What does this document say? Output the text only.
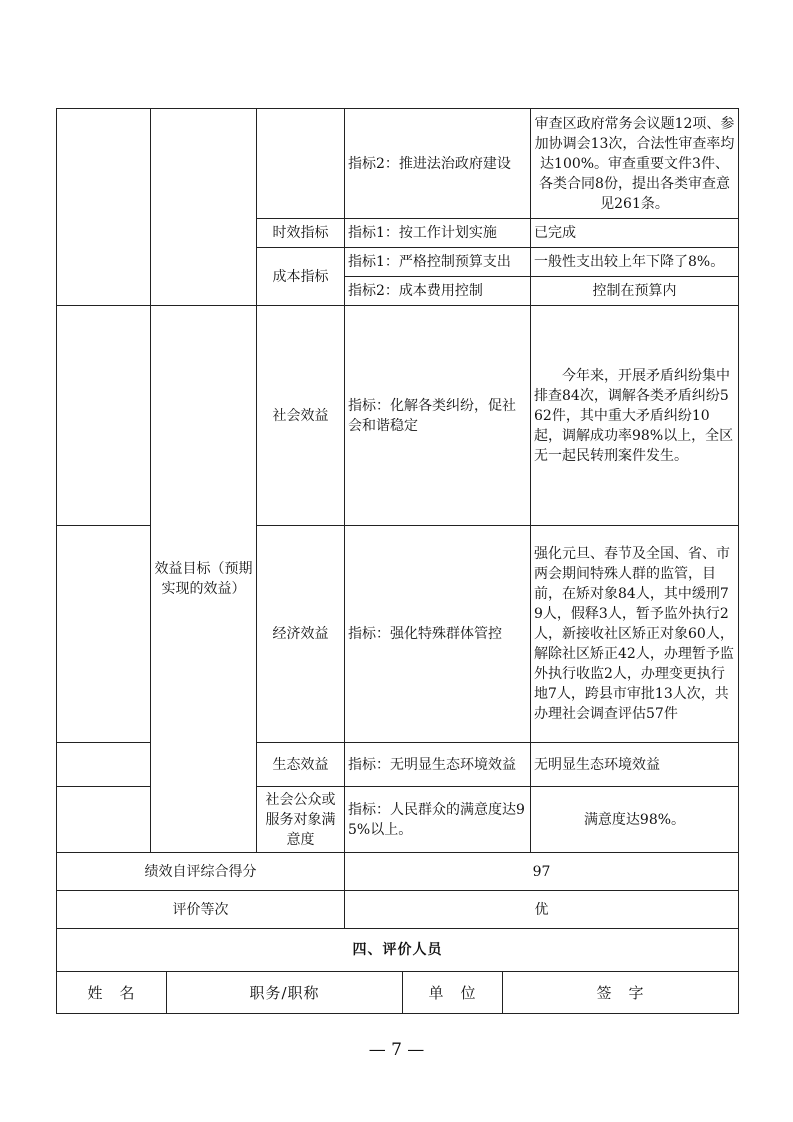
			指标2：推进法治政府建设	审查区政府常务会议题12项、参加协调会13次，合法性审查率均达100%。审查重要文件3件、各类合同8份，提出各类审查意见261条。
		时效指标	指标1：按工作计划实施	已完成
		成本指标	指标1：严格控制预算支出	一般性支出较上年下降了8%。
			指标2：成本费用控制	控制在预算内
	效益目标（预期实现的效益）	社会效益	指标：化解各类纠纷，促社会和谐稳定	今年来，开展矛盾纠纷集中排查84次，调解各类矛盾纠纷562件，其中重大矛盾纠纷10起，调解成功率98%以上，全区无一起民转刑案件发生。
		经济效益	指标：强化特殊群体管控	强化元旦、春节及全国、省、市两会期间特殊人群的监管，目前，在矫对象84人，其中缓刑79人，假释3人，暂予监外执行2人，新接收社区矫正对象60人，解除社区矫正42人，办理暂予监外执行收监2人，办理变更执行地7人，跨县市审批13人次，共办理社会调查评估57件
		生态效益	指标：无明显生态环境效益	无明显生态环境效益
		社会公众或服务对象满意度	指标：人民群众的满意度达95%以上。	满意度达98%。
绩效自评综合得分			97	
评价等次			优	
四、评价人员				
姓　名	职务/职称	单　位	签　字
— 7 —
